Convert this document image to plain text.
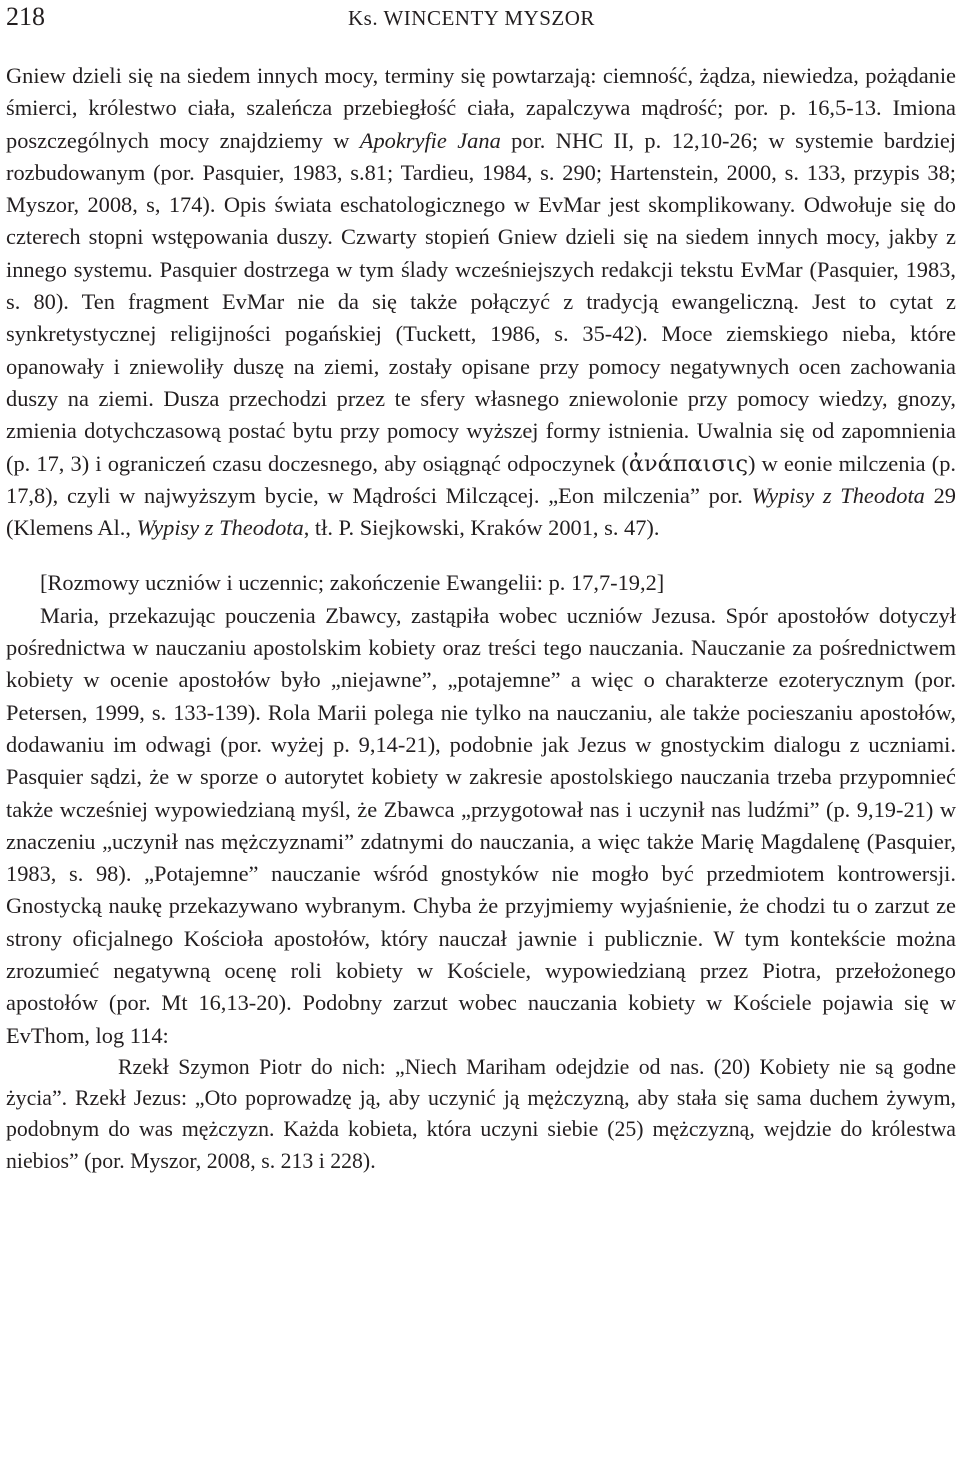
218	Ks. WINCENTY MYSZOR

Gniew dzieli się na siedem innych mocy, terminy się powtarzają: ciemność, żądza, niewiedza, pożądanie śmierci, królestwo ciała, szaleńcza przebiegłość ciała, zapalczywa mądrość; por. p. 16,5-13. Imiona poszczególnych mocy znajdziemy w Apokryfie Jana por. NHC II, p. 12,10-26; w systemie bardziej rozbudowanym (por. Pasquier, 1983, s.81; Tardieu, 1984, s. 290; Hartenstein, 2000, s. 133, przypis 38; Myszor, 2008, s, 174). Opis świata eschatologicznego w EvMar jest skomplikowany. Odwołuje się do czterech stopni wstępowania duszy. Czwarty stopień Gniew dzieli się na siedem innych mocy, jakby z innego systemu. Pasquier dostrzega w tym ślady wcześniejszych redakcji tekstu EvMar (Pasquier, 1983, s. 80). Ten fragment EvMar nie da się także połączyć z tradycją ewangeliczną. Jest to cytat z synkretystycznej religijności pogańskiej (Tuckett, 1986, s. 35-42). Moce ziemskiego nieba, które opanowały i zniewoliły duszę na ziemi, zostały opisane przy pomocy negatywnych ocen zachowania duszy na ziemi. Dusza przechodzi przez te sfery własnego zniewolonie przy pomocy wiedzy, gnozy, zmienia dotychczasową postać bytu przy pomocy wyższej formy istnienia. Uwalnia się od zapomnienia (p. 17, 3) i ograniczeń czasu doczesnego, aby osiągnąć odpoczynek (ἀνάπαισις) w eonie milczenia (p. 17,8), czyli w najwyższym bycie, w Mądrości Milczącej. „Eon milczenia” por. Wypisy z Theodota 29 (Klemens Al., Wypisy z Theodota, tł. P. Siejkowski, Kraków 2001, s. 47).

[Rozmowy uczniów i uczennic; zakończenie Ewangelii: p. 17,7-19,2]

Maria, przekazując pouczenia Zbawcy, zastąpiła wobec uczniów Jezusa. Spór apostołów dotyczył pośrednictwa w nauczaniu apostolskim kobiety oraz treści tego nauczania. Nauczanie za pośrednictwem kobiety w ocenie apostołów było „niejawne”, „potajemne” a więc o charakterze ezoterycznym (por. Petersen, 1999, s. 133-139). Rola Marii polega nie tylko na nauczaniu, ale także pocieszaniu apostołów, dodawaniu im odwagi (por. wyżej p. 9,14-21), podobnie jak Jezus w gnostyckim dialogu z uczniami. Pasquier sądzi, że w sporze o autorytet kobiety w zakresie apostolskiego nauczania trzeba przypomnieć także wcześniej wypowiedzianą myśl, że Zbawca „przygotował nas i uczynił nas ludźmi” (p. 9,19-21) w znaczeniu „uczynił nas mężczyznami” zdatnymi do nauczania, a więc także Marię Magdalenę (Pasquier, 1983, s. 98). „Potajemne” nauczanie wśród gnostyków nie mogło być przedmiotem kontrowersji. Gnostycką naukę przekazywano wybranym. Chyba że przyjmiemy wyjaśnienie, że chodzi tu o zarzut ze strony oficjalnego Kościoła apostołów, który nauczał jawnie i publicznie. W tym kontekście można zrozumieć negatywną ocenę roli kobiety w Kościele, wypowiedzianą przez Piotra, przełożonego apostołów (por. Mt 16,13-20). Podobny zarzut wobec nauczania kobiety w Kościele pojawia się w EvThom, log 114:

Rzekł Szymon Piotr do nich: „Niech Mariham odejdzie od nas. (20) Kobiety nie są godne życia”. Rzekł Jezus: „Oto poprowadzę ją, aby uczynić ją mężczyzną, aby stała się sama duchem żywym, podobnym do was mężczyzn. Każda kobieta, która uczyni siebie (25) mężczyzną, wejdzie do królestwa niebios” (por. Myszor, 2008, s. 213 i 228).
